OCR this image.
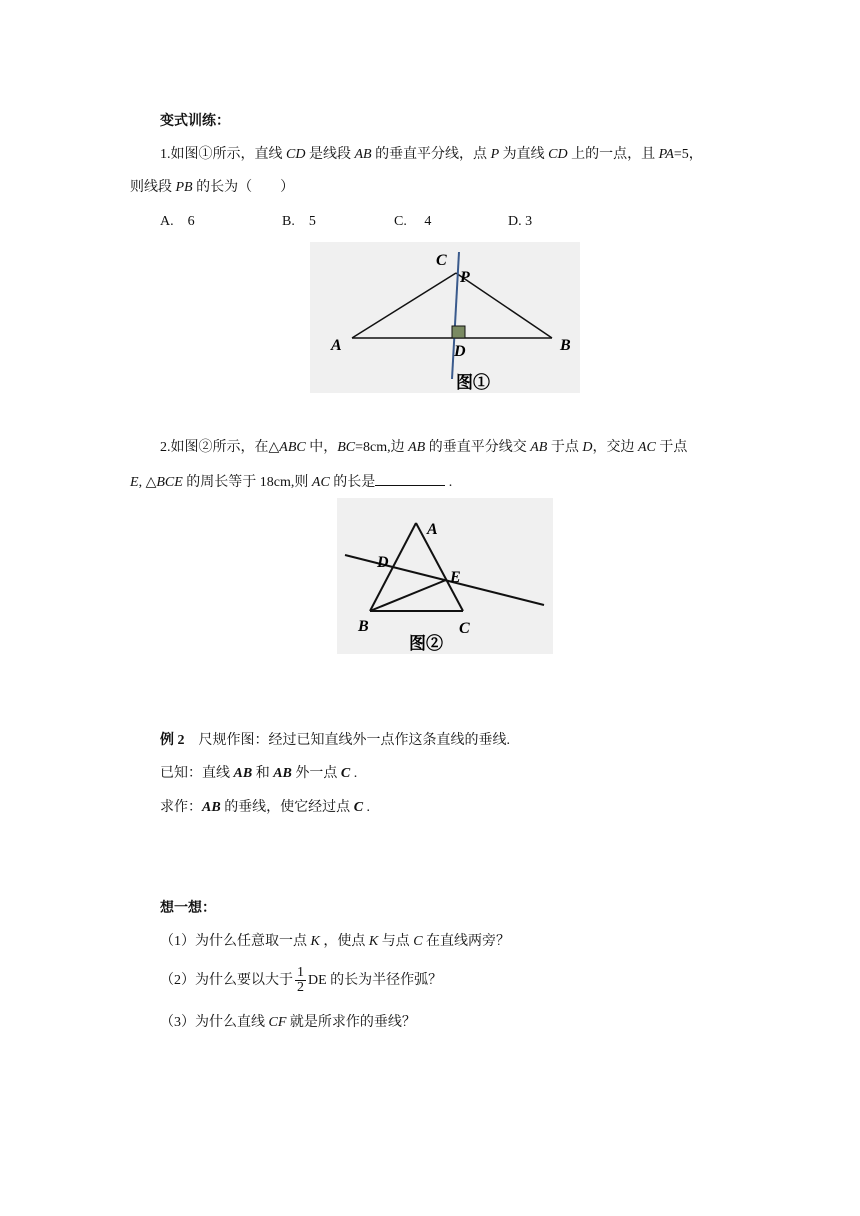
变式训练：
1.如图①所示，直线 CD 是线段 AB 的垂直平分线，点 P 为直线 CD 上的一点，且 PA=5，
则线段 PB 的长为（　　）
A.　6	B.　5	C.　 4	D. 3
C
P
A	D	B
图①
2.如图②所示，在△ABC 中，BC=8cm,边 AB 的垂直平分线交 AB 于点 D，交边 AC 于点
E, △BCE 的周长等于 18cm,则 AC 的长是	.
A
D
E
B	C
图②
例 2　尺规作图：经过已知直线外一点作这条直线的垂线.
已知：直线 AB 和 AB 外一点 C .
求作：AB 的垂线，使它经过点 C .
想一想：
（1）为什么任意取一点 K ，使点 K 与点 C 在直线两旁？
（2）为什么要以大于 $\frac{1}{2}$ DE 的长为半径作弧？
（3）为什么直线 CF 就是所求作的垂线？
